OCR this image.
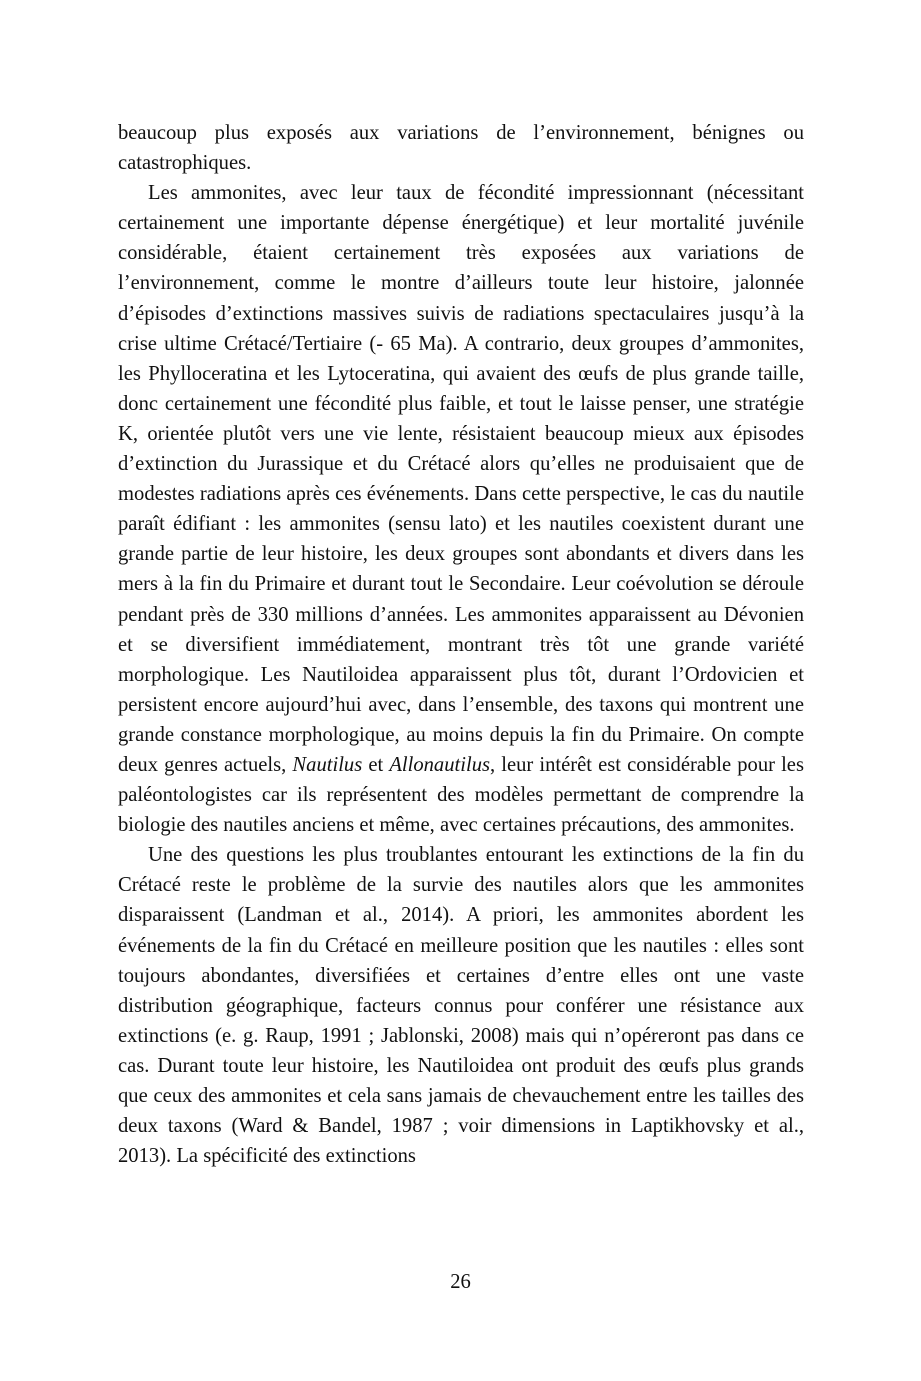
beaucoup plus exposés aux variations de l’environnement, bénignes ou catastrophiques.

Les ammonites, avec leur taux de fécondité impressionnant (nécessitant certainement une importante dépense énergétique) et leur mortalité juvénile considérable, étaient certainement très exposées aux variations de l’environnement, comme le montre d’ailleurs toute leur histoire, jalonnée d’épisodes d’extinctions massives suivis de radiations spectaculaires jusqu’à la crise ultime Crétacé/Tertiaire (- 65 Ma). A contrario, deux groupes d’ammonites, les Phylloceratina et les Lytoceratina, qui avaient des œufs de plus grande taille, donc certainement une fécondité plus faible, et tout le laisse penser, une stratégie K, orientée plutôt vers une vie lente, résistaient beaucoup mieux aux épisodes d’extinction du Jurassique et du Crétacé alors qu’elles ne produisaient que de modestes radiations après ces événements. Dans cette perspective, le cas du nautile paraît édifiant : les ammonites (sensu lato) et les nautiles coexistent durant une grande partie de leur histoire, les deux groupes sont abondants et divers dans les mers à la fin du Primaire et durant tout le Secondaire. Leur coévolution se déroule pendant près de 330 millions d’années. Les ammonites apparaissent au Dévonien et se diversifient immédiatement, montrant très tôt une grande variété morphologique. Les Nautiloidea apparaissent plus tôt, durant l’Ordovicien et persistent encore aujourd’hui avec, dans l’ensemble, des taxons qui montrent une grande constance morphologique, au moins depuis la fin du Primaire. On compte deux genres actuels, Nautilus et Allonautilus, leur intérêt est considérable pour les paléontologistes car ils représentent des modèles permettant de comprendre la biologie des nautiles anciens et même, avec certaines précautions, des ammonites.

Une des questions les plus troublantes entourant les extinctions de la fin du Crétacé reste le problème de la survie des nautiles alors que les ammonites disparaissent (Landman et al., 2014). A priori, les ammonites abordent les événements de la fin du Crétacé en meilleure position que les nautiles : elles sont toujours abondantes, diversifiées et certaines d’entre elles ont une vaste distribution géographique, facteurs connus pour conférer une résistance aux extinctions (e. g. Raup, 1991 ; Jablonski, 2008) mais qui n’opéreront pas dans ce cas. Durant toute leur histoire, les Nautiloidea ont produit des œufs plus grands que ceux des ammonites et cela sans jamais de chevauchement entre les tailles des deux taxons (Ward & Bandel, 1987 ; voir dimensions in Laptikhovsky et al., 2013). La spécificité des extinctions

26
